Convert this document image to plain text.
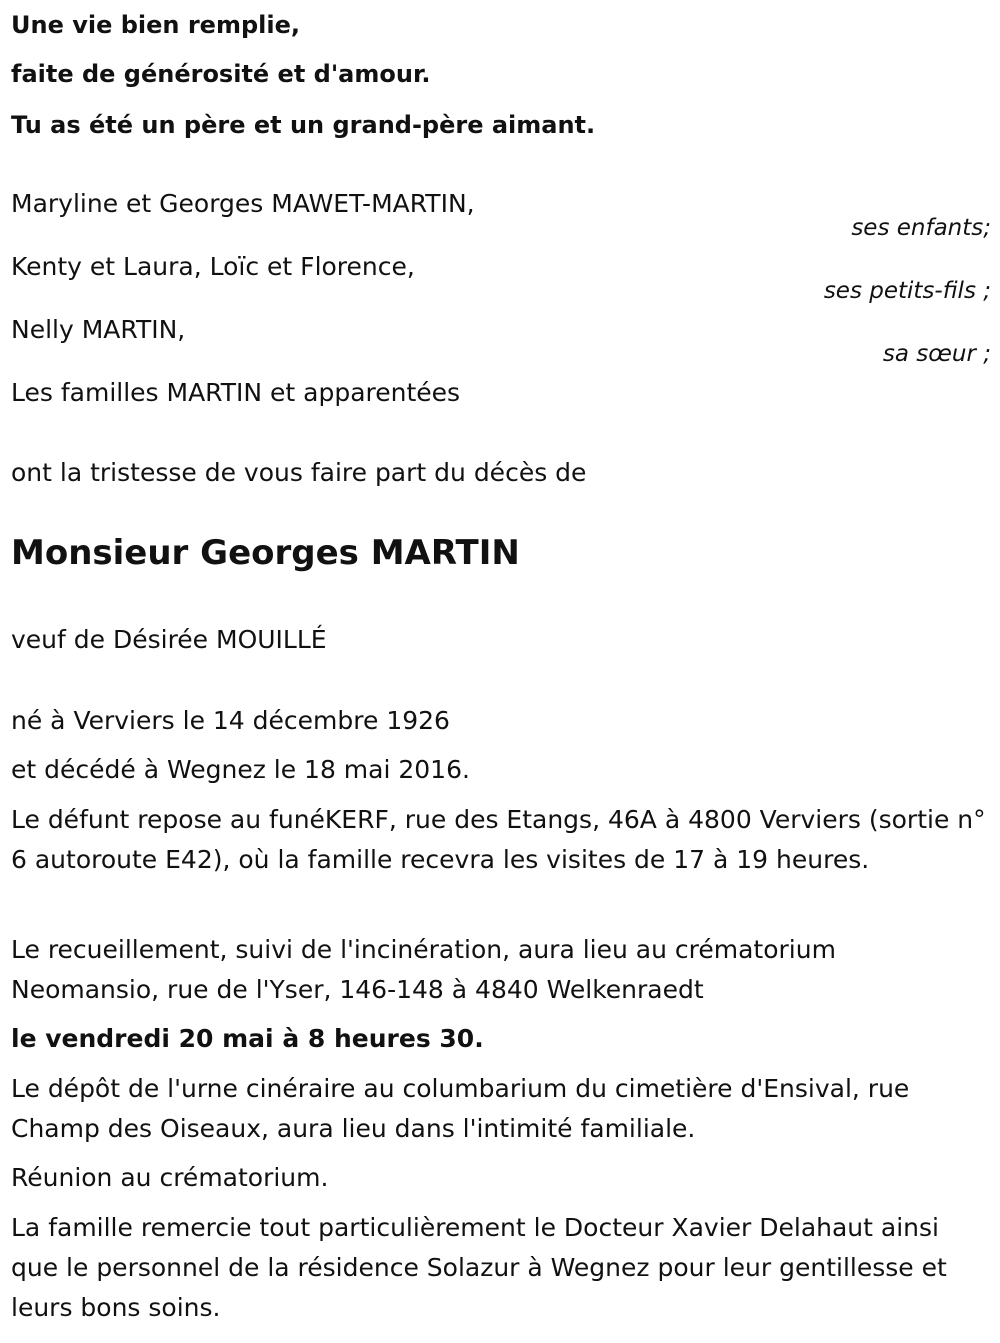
Une vie bien remplie,
faite de générosité et d'amour.
Tu as été un père et un grand-père aimant.
Maryline et Georges MAWET-MARTIN,
ses enfants;
Kenty et Laura, Loïc et Florence,
ses petits-fils ;
Nelly MARTIN,
sa sœur ;
Les familles MARTIN et apparentées
ont la tristesse de vous faire part du décès de
Monsieur Georges MARTIN
veuf de Désirée MOUILLÉ
né à Verviers le 14 décembre 1926
et décédé à Wegnez le 18 mai 2016.
Le défunt repose au funéKERF, rue des Etangs, 46A à 4800 Verviers (sortie n° 6 autoroute E42), où la famille recevra les visites de 17 à 19 heures.
Le recueillement, suivi de l'incinération, aura lieu au crématorium Neomansio, rue de l'Yser, 146-148 à 4840 Welkenraedt
le vendredi 20 mai à 8 heures 30.
Le dépôt de l'urne cinéraire au columbarium du cimetière d'Ensival, rue Champ des Oiseaux, aura lieu dans l'intimité familiale.
Réunion au crématorium.
La famille remercie tout particulièrement le Docteur Xavier Delahaut ainsi que le personnel de la résidence Solazur à Wegnez pour leur gentillesse et leurs bons soins.
